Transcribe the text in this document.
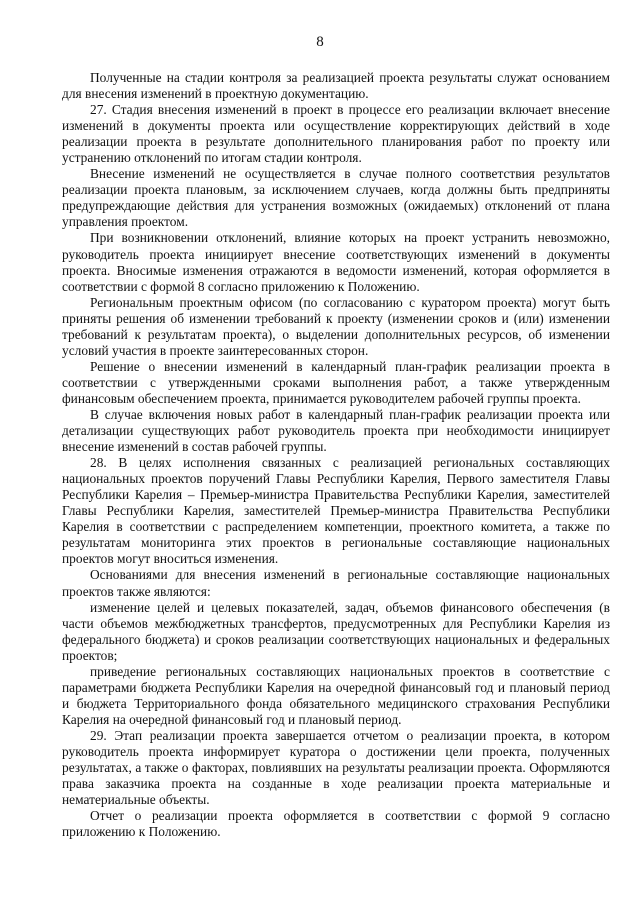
8

Полученные на стадии контроля за реализацией проекта результаты служат основанием для внесения изменений в проектную документацию.

27. Стадия внесения изменений в проект в процессе его реализации включает внесение изменений в документы проекта или осуществление корректирующих действий в ходе реализации проекта в результате дополнительного планирования работ по проекту или устранению отклонений по итогам стадии контроля.

Внесение изменений не осуществляется в случае полного соответствия результатов реализации проекта плановым, за исключением случаев, когда должны быть предприняты предупреждающие действия для устранения возможных (ожидаемых) отклонений от плана управления проектом.

При возникновении отклонений, влияние которых на проект устранить невозможно, руководитель проекта инициирует внесение соответствующих изменений в документы проекта. Вносимые изменения отражаются в ведомости изменений, которая оформляется в соответствии с формой 8 согласно приложению к Положению.

Региональным проектным офисом (по согласованию с куратором проекта) могут быть приняты решения об изменении требований к проекту (изменении сроков и (или) изменении требований к результатам проекта), о выделении дополнительных ресурсов, об изменении условий участия в проекте заинтересованных сторон.

Решение о внесении изменений в календарный план-график реализации проекта в соответствии с утвержденными сроками выполнения работ, а также утвержденным финансовым обеспечением проекта, принимается руководителем рабочей группы проекта.

В случае включения новых работ в календарный план-график реализации проекта или детализации существующих работ руководитель проекта при необходимости инициирует внесение изменений в состав рабочей группы.

28. В целях исполнения связанных с реализацией региональных составляющих национальных проектов поручений Главы Республики Карелия, Первого заместителя Главы Республики Карелия – Премьер-министра Правительства Республики Карелия, заместителей Главы Республики Карелия, заместителей Премьер-министра Правительства Республики Карелия в соответствии с распределением компетенции, проектного комитета, а также по результатам мониторинга этих проектов в региональные составляющие национальных проектов могут вноситься изменения.

Основаниями для внесения изменений в региональные составляющие национальных проектов также являются:

изменение целей и целевых показателей, задач, объемов финансового обеспечения (в части объемов межбюджетных трансфертов, предусмотренных для Республики Карелия из федерального бюджета) и сроков реализации соответствующих национальных и федеральных проектов;

приведение региональных составляющих национальных проектов в соответствие с параметрами бюджета Республики Карелия на очередной финансовый год и плановый период и бюджета Территориального фонда обязательного медицинского страхования Республики Карелия на очередной финансовый год и плановый период.

29. Этап реализации проекта завершается отчетом о реализации проекта, в котором руководитель проекта информирует куратора о достижении цели проекта, полученных результатах, а также о факторах, повлиявших на результаты реализации проекта. Оформляются права заказчика проекта на созданные в ходе реализации проекта материальные и нематериальные объекты.

Отчет о реализации проекта оформляется в соответствии с формой 9 согласно приложению к Положению.
